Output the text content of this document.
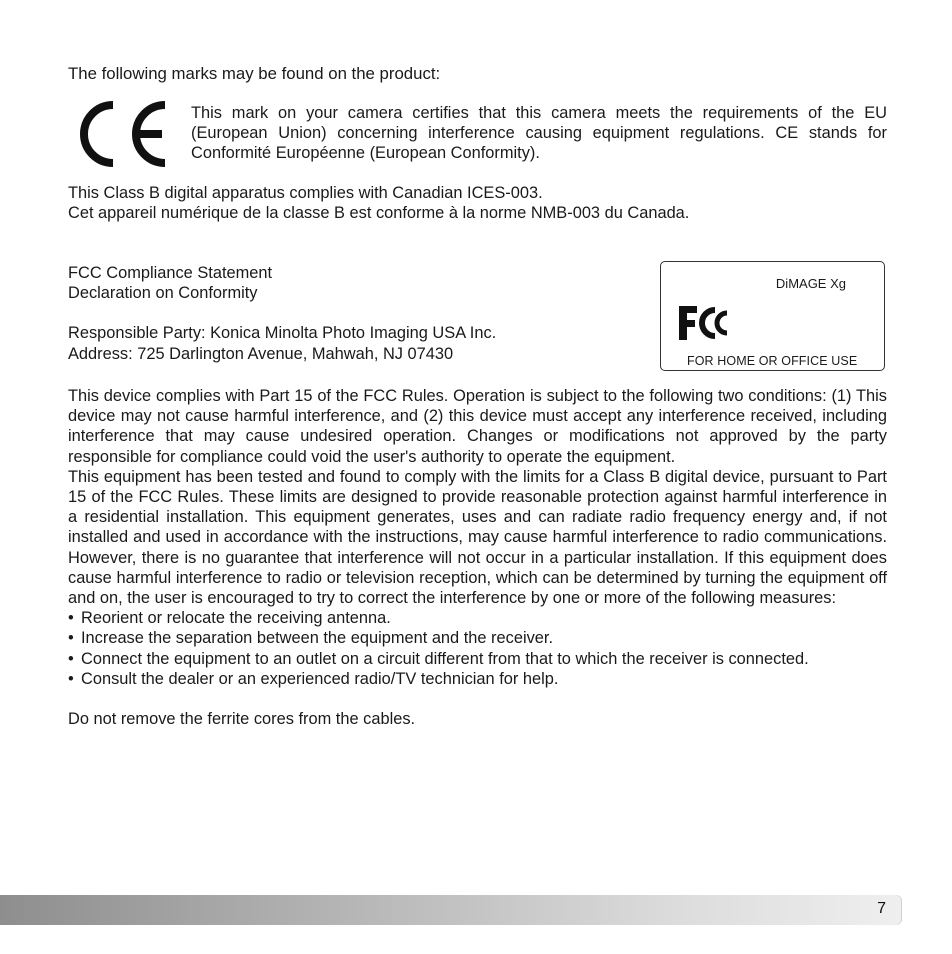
The following marks may be found on the product:
This mark on your camera certifies that this camera meets the requirements of the EU (European Union) concerning interference causing equipment regulations. CE stands for Conformité Européenne (European Conformity).
This Class B digital apparatus complies with Canadian ICES-003.
Cet appareil numérique de la classe B est conforme à la norme NMB-003 du Canada.
FCC Compliance Statement
Declaration on Conformity
Responsible Party: Konica Minolta Photo Imaging USA Inc.
Address: 725 Darlington Avenue, Mahwah, NJ 07430
DiMAGE Xg
FOR HOME OR OFFICE USE

This device complies with Part 15 of the FCC Rules. Operation is subject to the following two conditions: (1) This device may not cause harmful interference, and (2) this device must accept any interference received, including interference that may cause undesired operation. Changes or modifications not approved by the party responsible for compliance could void the user's authority to operate the equipment.

This equipment has been tested and found to comply with the limits for a Class B digital device, pursuant to Part 15 of the FCC Rules. These limits are designed to provide reasonable protection against harmful interference in a residential installation. This equipment generates, uses and can radiate radio frequency energy and, if not installed and used in accordance with the instructions, may cause harmful interference to radio communications. However, there is no guarantee that interference will not occur in a particular installation. If this equipment does cause harmful interference to radio or television reception, which can be determined by turning the equipment off and on, the user is encouraged to try to correct the interference by one or more of the following measures:

• Reorient or relocate the receiving antenna.
• Increase the separation between the equipment and the receiver.
• Connect the equipment to an outlet on a circuit different from that to which the receiver is connected.
• Consult the dealer or an experienced radio/TV technician for help.

Do not remove the ferrite cores from the cables.

7
